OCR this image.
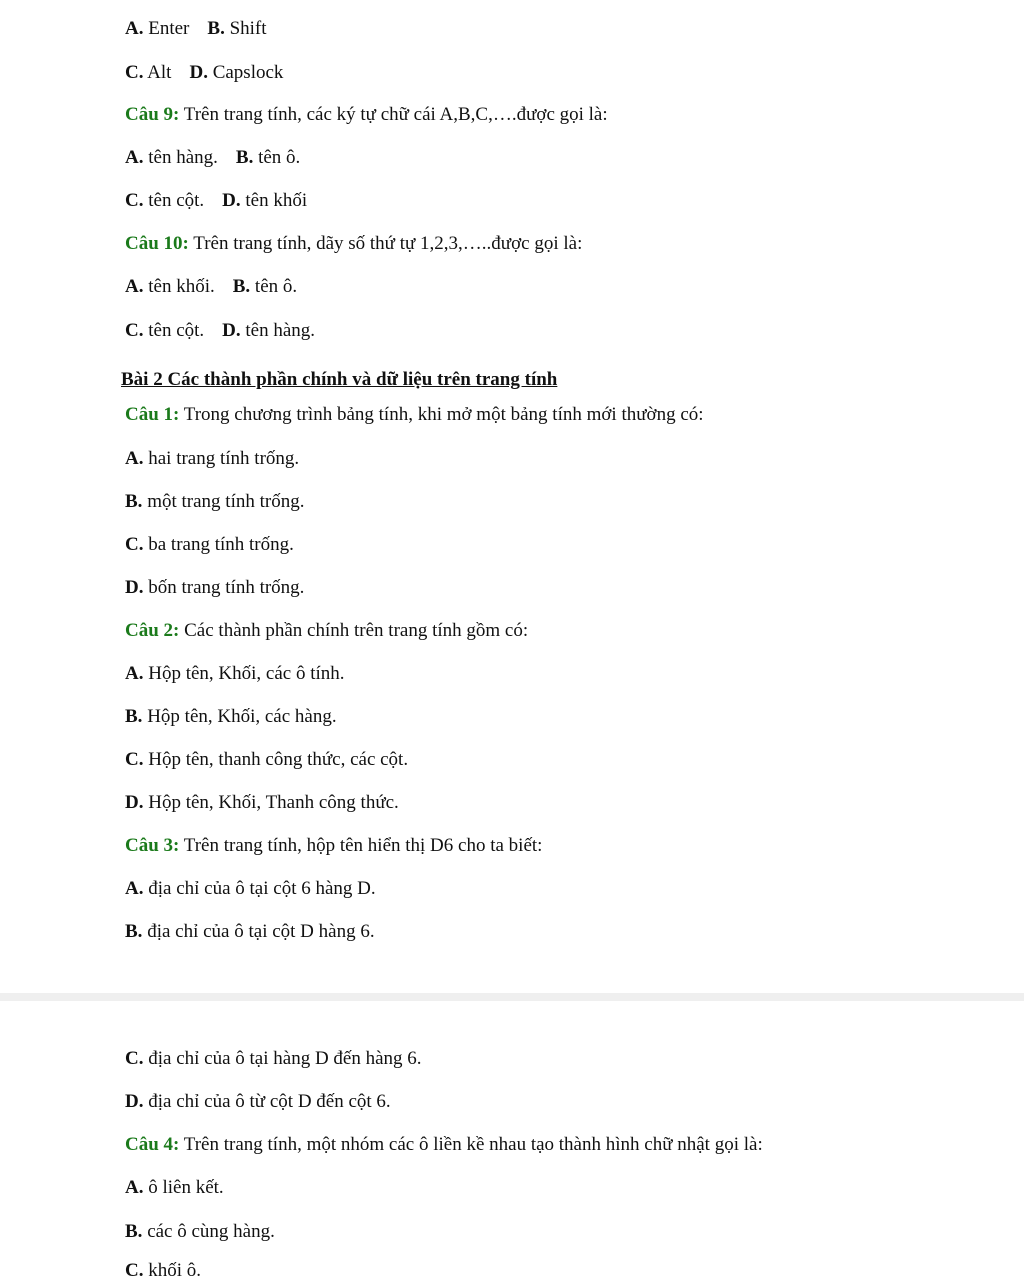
A. Enter B. Shift

C. Alt D. Capslock

Câu 9: Trên trang tính, các ký tự chữ cái A,B,C,….được gọi là:

A. tên hàng. B. tên ô.

C. tên cột. D. tên khối

Câu 10: Trên trang tính, dãy số thứ tự 1,2,3,…..được gọi là:

A. tên khối. B. tên ô.

C. tên cột. D. tên hàng.

Bài 2 Các thành phần chính và dữ liệu trên trang tính

Câu 1: Trong chương trình bảng tính, khi mở một bảng tính mới thường có:

A. hai trang tính trống.

B. một trang tính trống.

C. ba trang tính trống.

D. bốn trang tính trống.

Câu 2: Các thành phần chính trên trang tính gồm có:

A. Hộp tên, Khối, các ô tính.

B. Hộp tên, Khối, các hàng.

C. Hộp tên, thanh công thức, các cột.

D. Hộp tên, Khối, Thanh công thức.

Câu 3: Trên trang tính, hộp tên hiển thị D6 cho ta biết:

A. địa chỉ của ô tại cột 6 hàng D.

B. địa chỉ của ô tại cột D hàng 6.

C. địa chỉ của ô tại hàng D đến hàng 6.

D. địa chỉ của ô từ cột D đến cột 6.

Câu 4: Trên trang tính, một nhóm các ô liền kề nhau tạo thành hình chữ nhật gọi là:

A. ô liên kết.

B. các ô cùng hàng.

C. khối ô.
